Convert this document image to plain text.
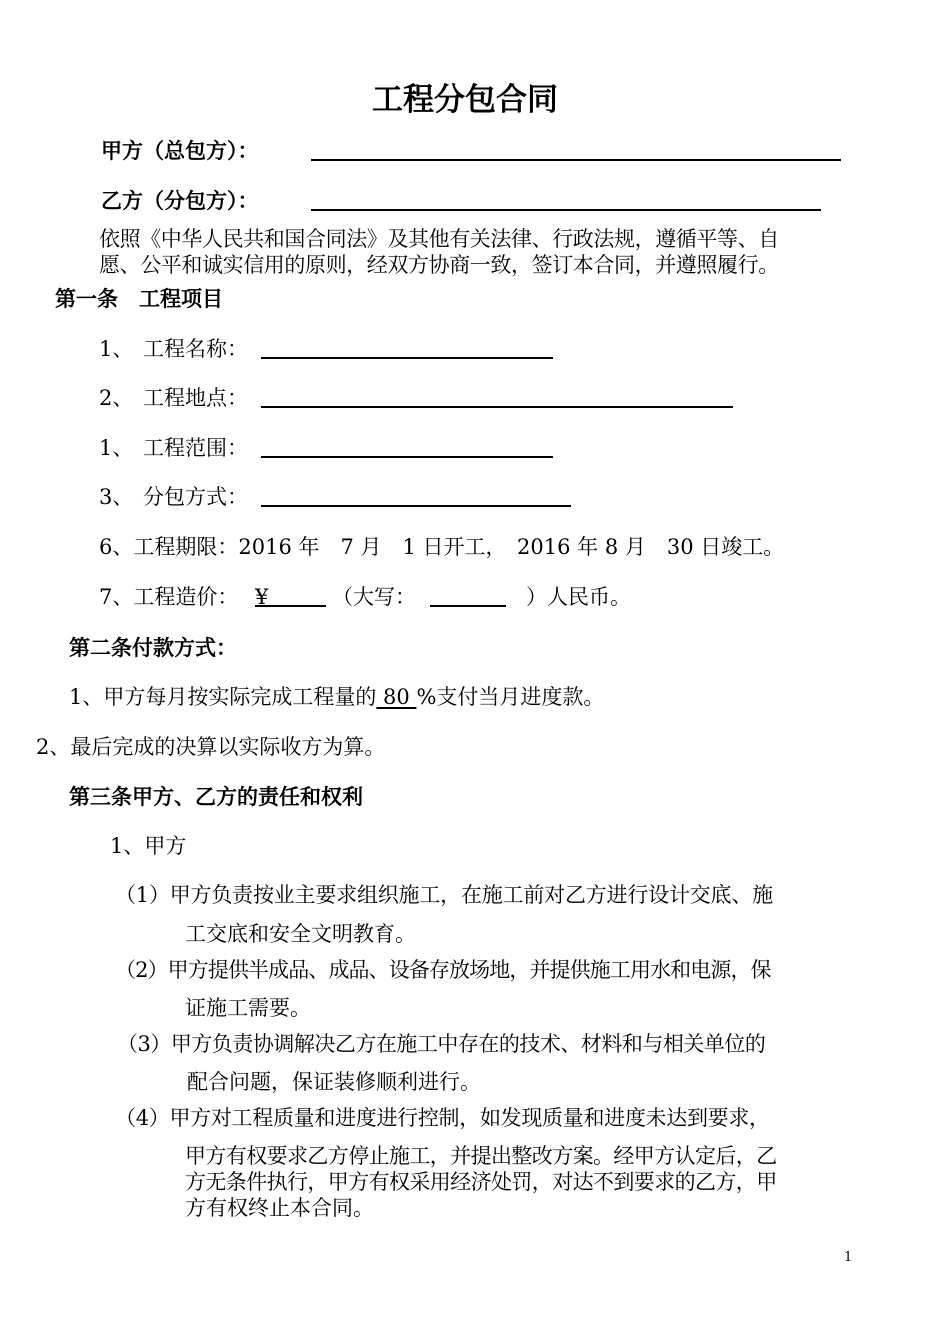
工程分包合同
甲方（总包方）：
乙方（分包方）：
依照《中华人民共和国合同法》及其他有关法律、行政法规，遵循平等、自
愿、公平和诚实信用的原则，经双方协商一致，签订本合同，并遵照履行。
第一条　工程项目
1、 工程名称：
2、 工程地点：
1、 工程范围：
3、 分包方式：
6、工程期限：2016 年　7 月　1 日开工，　2016 年 8 月　30 日竣工。
7、工程造价： ¥	（大写：	）人民币。
第二条付款方式：
1、甲方每月按实际完成工程量的 80 %支付当月进度款。
2、最后完成的决算以实际收方为算。
第三条甲方、乙方的责任和权利
1、甲方
（1）甲方负责按业主要求组织施工，在施工前对乙方进行设计交底、施
工交底和安全文明教育。
（2）甲方提供半成品、成品、设备存放场地，并提供施工用水和电源，保
证施工需要。
（3）甲方负责协调解决乙方在施工中存在的技术、材料和与相关单位的
配合问题，保证装修顺利进行。
（4）甲方对工程质量和进度进行控制，如发现质量和进度未达到要求，
甲方有权要求乙方停止施工，并提出整改方案。经甲方认定后，乙
方无条件执行，甲方有权采用经济处罚，对达不到要求的乙方，甲
方有权终止本合同。
1
